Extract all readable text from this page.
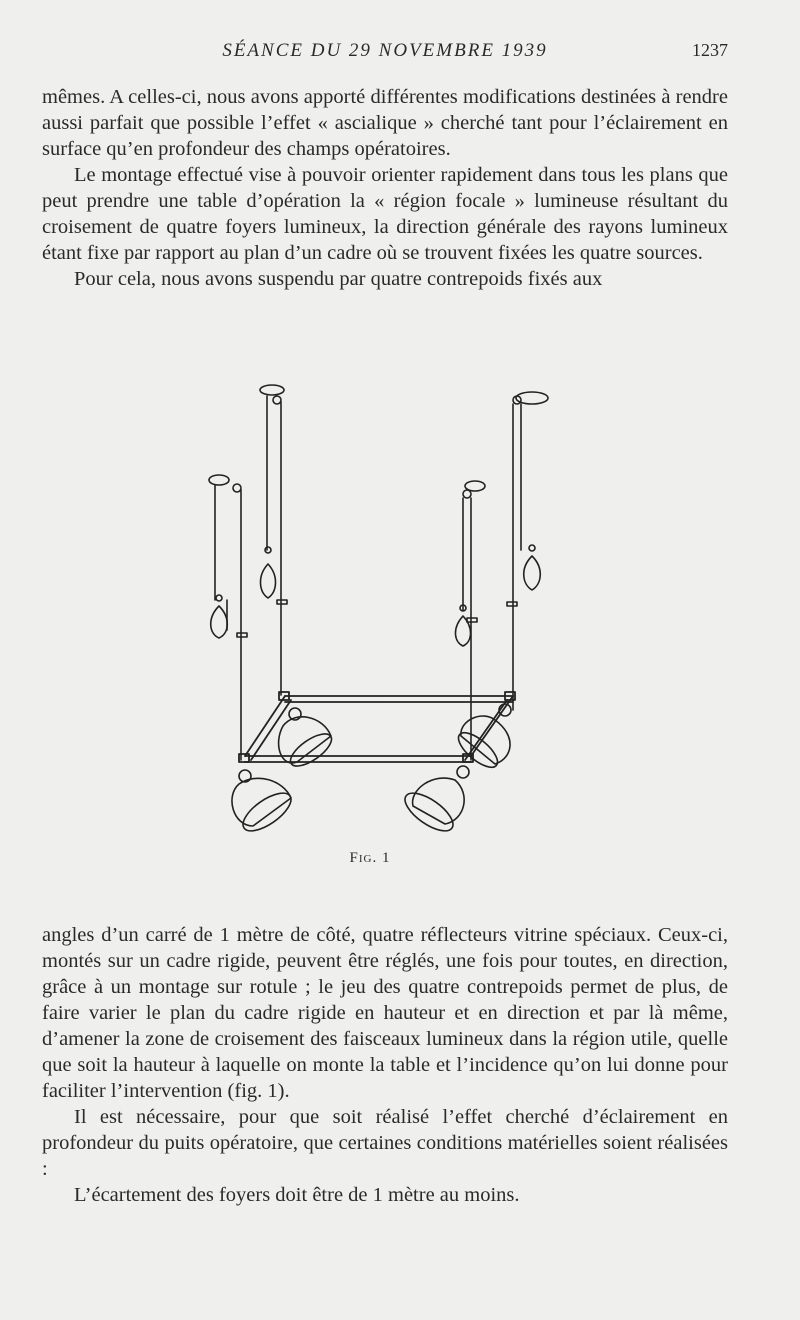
SÉANCE DU 29 NOVEMBRE 1939	1237

mêmes. A celles-ci, nous avons apporté différentes modifications destinées à rendre aussi parfait que possible l’effet « ascialique » cherché tant pour l’éclairement en surface qu’en profondeur des champs opératoires.

Le montage effectué vise à pouvoir orienter rapidement dans tous les plans que peut prendre une table d’opération la « région focale » lumineuse résultant du croisement de quatre foyers lumineux, la direction générale des rayons lumineux étant fixe par rapport au plan d’un cadre où se trouvent fixées les quatre sources.

Pour cela, nous avons suspendu par quatre contrepoids fixés aux

Fig. 1

angles d’un carré de 1 mètre de côté, quatre réflecteurs vitrine spéciaux. Ceux-ci, montés sur un cadre rigide, peuvent être réglés, une fois pour toutes, en direction, grâce à un montage sur rotule ; le jeu des quatre contrepoids permet de plus, de faire varier le plan du cadre rigide en hauteur et en direction et par là même, d’amener la zone de croisement des faisceaux lumineux dans la région utile, quelle que soit la hauteur à laquelle on monte la table et l’incidence qu’on lui donne pour faciliter l’intervention (fig. 1).

Il est nécessaire, pour que soit réalisé l’effet cherché d’éclairement en profondeur du puits opératoire, que certaines conditions matérielles soient réalisées :

L’écartement des foyers doit être de 1 mètre au moins.
